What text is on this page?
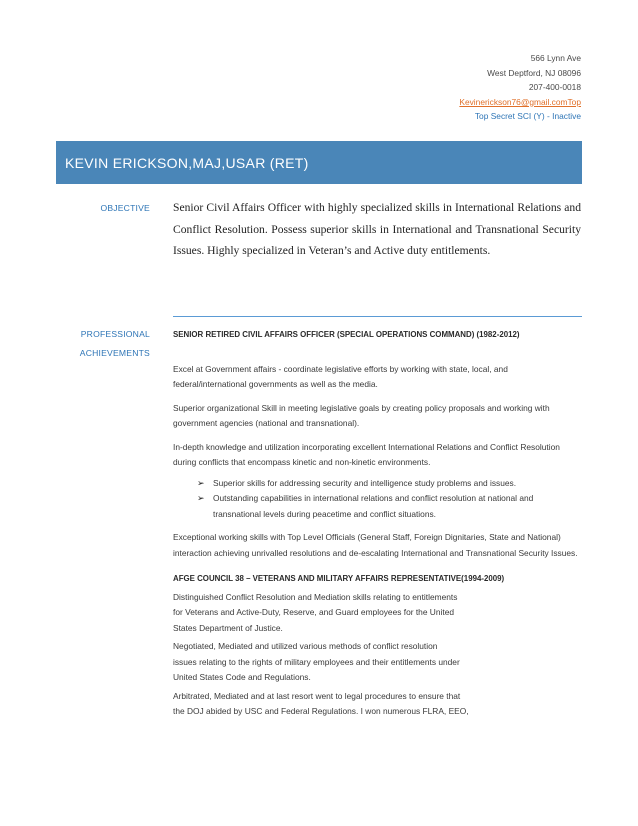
566 Lynn Ave
West Deptford, NJ 08096
207-400-0018
Kevinerickson76@gmail.comTop
Top Secret SCI (Y) - Inactive
KEVIN ERICKSON,MAJ,USAR (RET)
OBJECTIVE Senior Civil Affairs Officer with highly specialized skills in International Relations and Conflict Resolution. Possess superior skills in International and Transnational Security Issues. Highly specialized in Veteran’s and Active duty entitlements.
PROFESSIONAL
ACHIEVEMENTS
SENIOR RETIRED CIVIL AFFAIRS OFFICER (SPECIAL OPERATIONS COMMAND) (1982-2012)

Excel at Government affairs - coordinate legislative efforts by working with state, local, and federal/international governments as well as the media.

Superior organizational Skill in meeting legislative goals by creating policy proposals and working with government agencies (national and transnational).

In-depth knowledge and utilization incorporating excellent International Relations and Conflict Resolution during conflicts that encompass kinetic and non-kinetic environments.

➢ Superior skills for addressing security and intelligence study problems and issues.
➢ Outstanding capabilities in international relations and conflict resolution at national and transnational levels during peacetime and conflict situations.

Exceptional working skills with Top Level Officials (General Staff, Foreign Dignitaries, State and National) interaction achieving unrivalled resolutions and de-escalating International and Transnational Security Issues.

AFGE COUNCIL 38 – VETERANS AND MILITARY AFFAIRS REPRESENTATIVE(1994-2009)

Distinguished Conflict Resolution and Mediation skills relating to entitlements
for Veterans and Active-Duty, Reserve, and Guard employees for the United
States Department of Justice.

Negotiated, Mediated and utilized various methods of conflict resolution
issues relating to the rights of military employees and their entitlements under
United States Code and Regulations.

Arbitrated, Mediated and at last resort went to legal procedures to ensure that
the DOJ abided by USC and Federal Regulations. I won numerous FLRA, EEO,
